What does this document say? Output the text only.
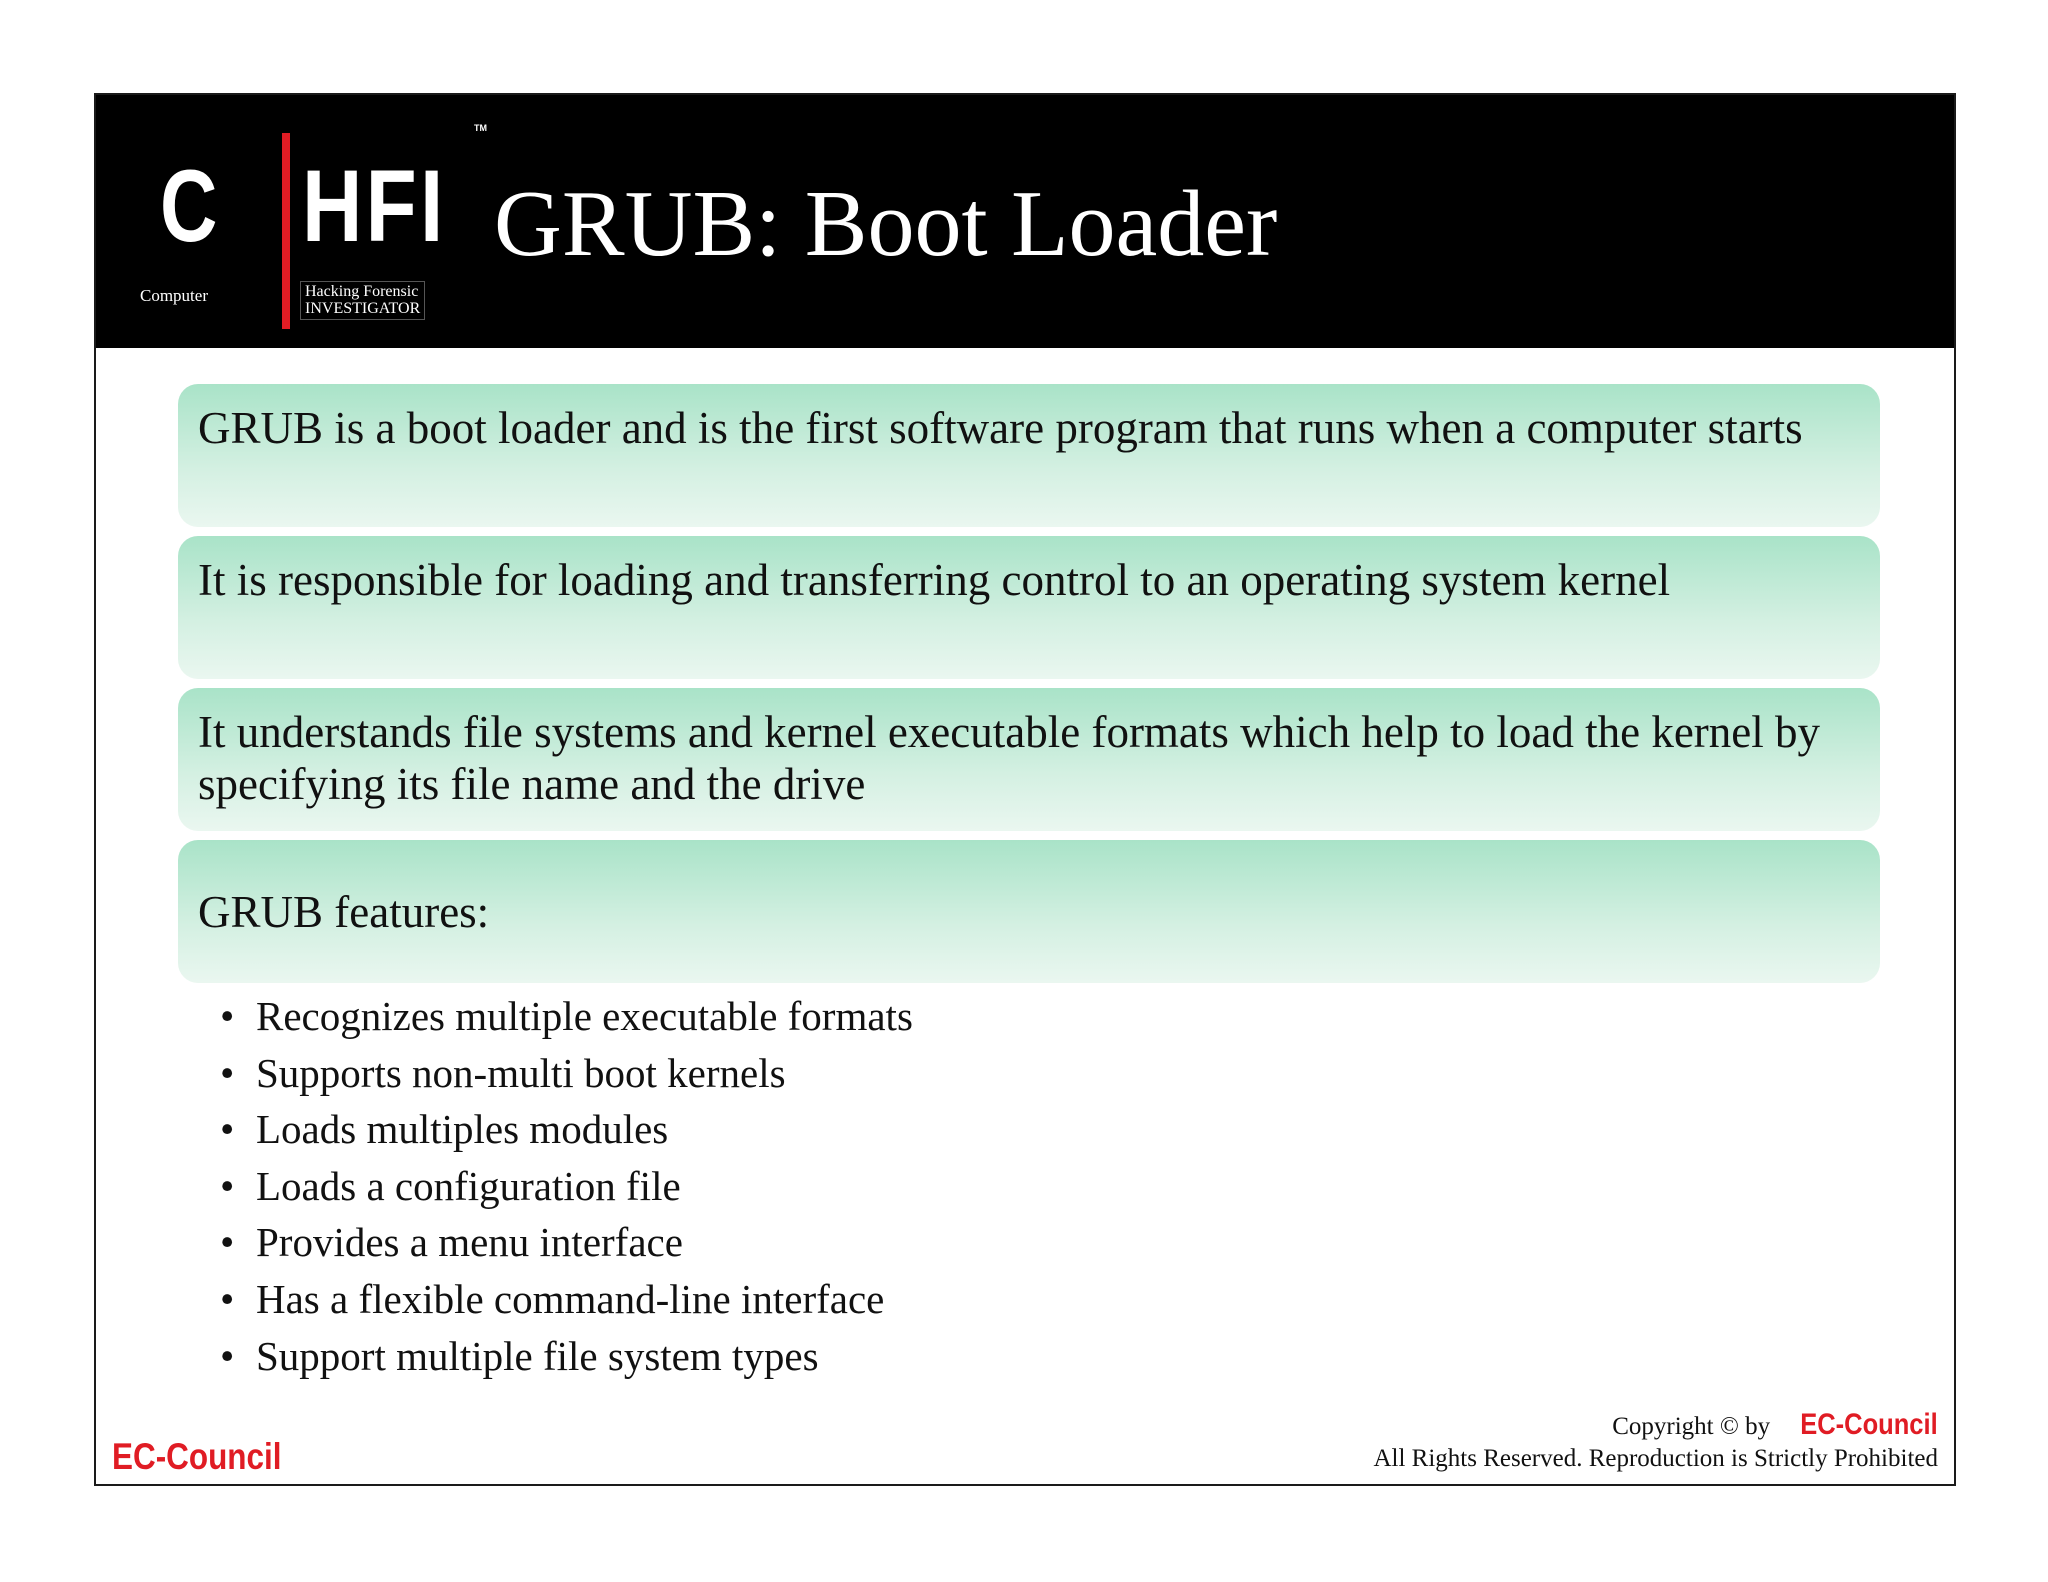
C HFI
TM
Computer	Hacking Forensic
INVESTIGATOR
GRUB: Boot Loader
GRUB is a boot loader and is the first software program that runs when a computer starts
It is responsible for loading and transferring control to an operating system kernel
It understands file systems and kernel executable formats which help to load the kernel by specifying its file name and the drive
GRUB features:
• Recognizes multiple executable formats
• Supports non-multi boot kernels
• Loads multiples modules
• Loads a configuration file
• Provides a menu interface
• Has a flexible command-line interface
• Support multiple file system types
EC-Council
Copyright © by EC-Council
All Rights Reserved. Reproduction is Strictly Prohibited
